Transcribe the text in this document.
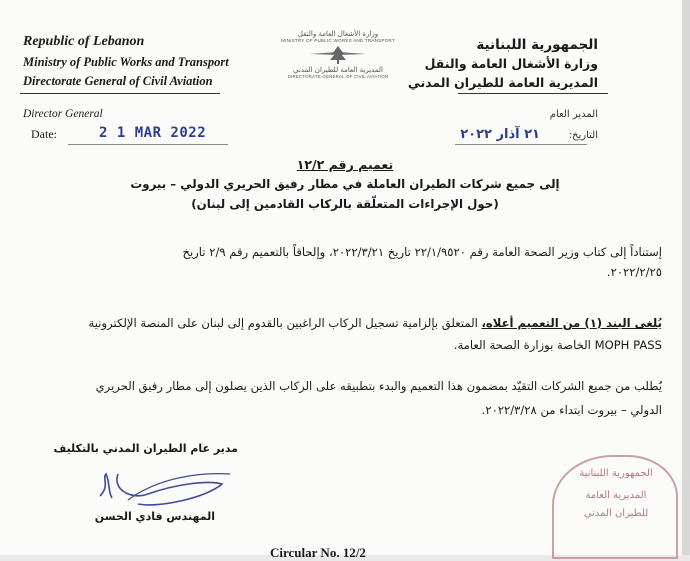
Republic of Lebanon
Ministry of Public Works and Transport
Directorate General of Civil Aviation
الجمهورية اللبنانية
وزارة الأشغال العامة والنقل
المديرية العامة للطيران المدني
وزارة الأشغال العامة والنقل
MINISTRY OF PUBLIC WORKS AND TRANSPORT
المديرية العامة للطيران المدني
DIRECTORATE GENERAL OF CIVIL AVIATION
Director General	المدير العام
Date:	2 1 MAR 2022	التاريخ:
٢١ آذار ٢٠٢٢
تعميم رقم ١٢/٢
إلى جميع شركات الطيران العاملة في مطار رفيق الحريري الدولي – بيروت
(حول الإجراءات المتعلّقة بالركاب القادمين إلى لبنان)
إستناداً إلى كتاب وزير الصحة العامة رقم ٢٢/١/٩٥٢٠ تاريخ ٢٠٢٢/٣/٢١، وإلحاقاً بالتعميم رقم ٢/٩ تاريخ
٢٠٢٢/٢/٢٥.
يُلغى البند (١) من التعميم أعلاه، المتعلق بإلزامية تسجيل الركاب الراغبين بالقدوم إلى لبنان على المنصة الإلكترونية
MOPH PASS الخاصة بوزارة الصحة العامة.
يُطلب من جميع الشركات التقيّد بمضمون هذا التعميم والبدء بتطبيقه على الركاب الذين يصلون إلى مطار رفيق الحريري
الدولي – بيروت ابتداء من ٢٠٢٢/٣/٢٨.
مدير عام الطيران المدني بالتكليف
المهندس فادي الحسن
الجمهورية اللبنانية
المديرية العامة
للطيران المدني
Circular No. 12/2
